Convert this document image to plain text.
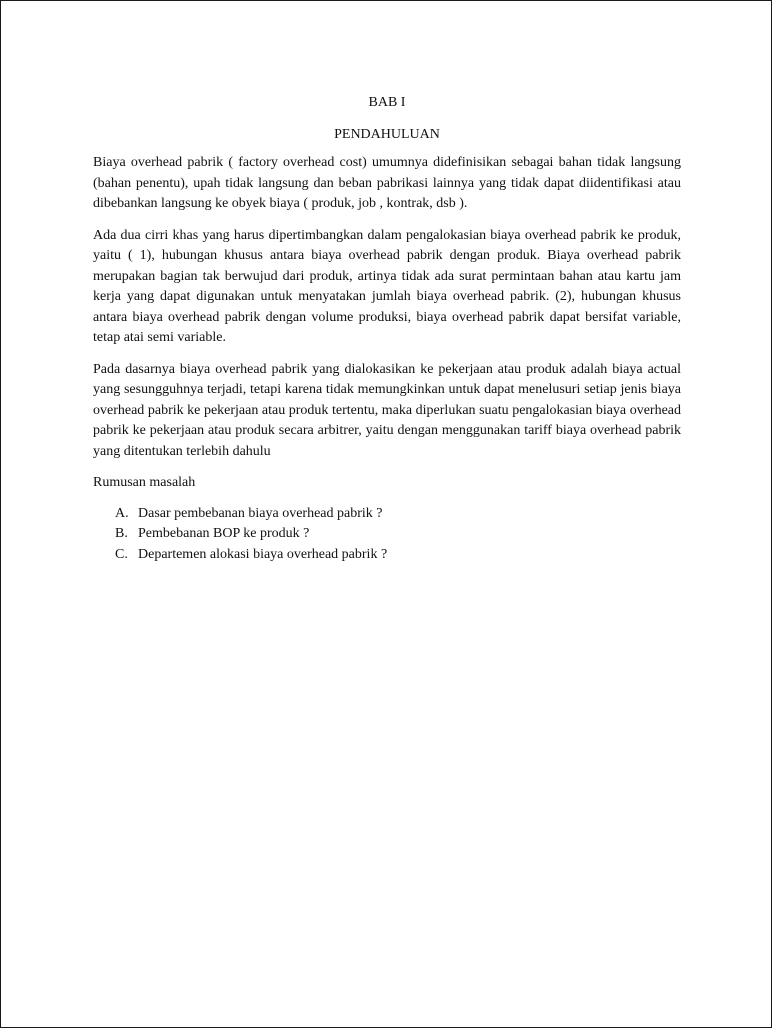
BAB I
PENDAHULUAN

Biaya overhead pabrik ( factory overhead cost) umumnya didefinisikan sebagai bahan tidak langsung (bahan penentu), upah tidak langsung dan beban pabrikasi lainnya yang tidak dapat diidentifikasi atau dibebankan langsung ke obyek biaya ( produk, job , kontrak, dsb ).

Ada dua cirri khas yang harus dipertimbangkan dalam pengalokasian biaya overhead pabrik ke produk, yaitu ( 1), hubungan khusus antara biaya overhead pabrik dengan produk. Biaya overhead pabrik merupakan bagian tak berwujud dari produk, artinya tidak ada surat permintaan bahan atau kartu jam kerja yang dapat digunakan untuk menyatakan jumlah biaya overhead pabrik. (2), hubungan khusus antara biaya overhead pabrik dengan volume produksi, biaya overhead pabrik dapat bersifat variable, tetap atai semi variable.

Pada dasarnya biaya overhead pabrik yang dialokasikan ke pekerjaan atau produk adalah biaya actual yang sesungguhnya terjadi, tetapi karena tidak memungkinkan untuk dapat menelusuri setiap jenis biaya overhead pabrik ke pekerjaan atau produk tertentu, maka diperlukan suatu pengalokasian biaya overhead pabrik ke pekerjaan atau produk secara arbitrer, yaitu dengan menggunakan tariff biaya overhead pabrik yang ditentukan terlebih dahulu

Rumusan masalah

A. Dasar pembebanan biaya overhead pabrik ?
B. Pembebanan BOP ke produk ?
C. Departemen alokasi biaya overhead pabrik ?
